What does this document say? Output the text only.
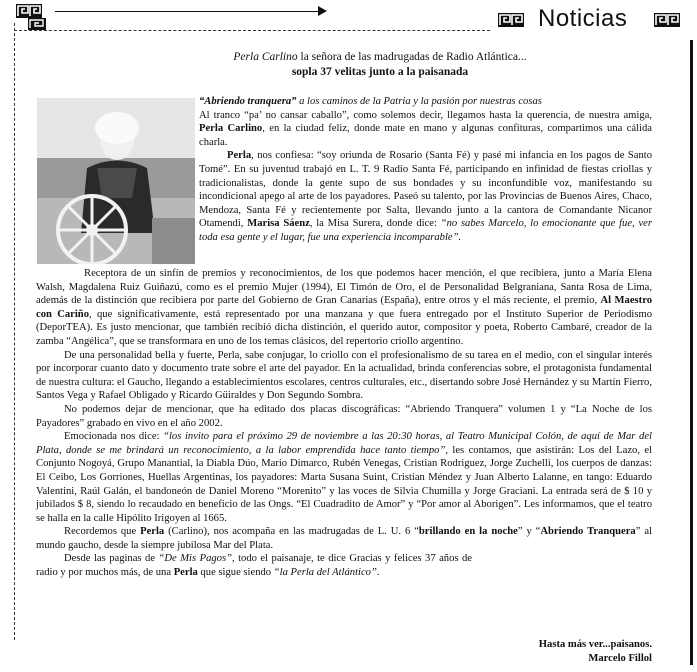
Noticias
Perla Carlino la señora de las madrugadas de Radio Atlántica...
sopla 37 velitas junto a la paisanada

“Abriendo tranquera” a los caminos de la Patria y la pasión por nuestras cosas

Al tranco “pa’ no cansar caballo”, como solemos decir, llegamos hasta la querencia, de nuestra amiga, Perla Carlino, en la ciudad feliz, donde mate en mano y algunas confituras, compartimos una cálida charla.

Perla, nos confiesa: “soy oriunda de Rosario (Santa Fé) y pasé mi infancia en los pagos de Santo Tomé”. En su juventud trabajó en L. T. 9 Radio Santa Fé, participando en infinidad de fiestas criollas y tradicionalistas, donde la gente supo de sus bondades y su inconfundible voz, manifestando su incondicional apego al arte de los payadores. Paseó su talento, por las Provincias de Buenos Aires, Chaco, Mendoza, Santa Fé y recientemente por Salta, llevando junto a la cantora de Comandante Nicanor Otamendi, Marisa Sáenz, la Misa Surera, donde dice: “no sabes Marcelo, lo emocionante que fue, ver toda esa gente y el lugar, fue una experiencia incomparable”.

Receptora de un sinfín de premios y reconocimientos, de los que podemos hacer mención, el que recibiera, junto a María Elena Walsh, Magdalena Ruiz Guiñazú, como es el premio Mujer (1994), El Timón de Oro, el de Personalidad Belgraniana, Santa Rosa de Lima, además de la distinción que recibiera por parte del Gobierno de Gran Canarias (España), entre otros y el más reciente, el premio, Al Maestro con Cariño, que significativamente, está representado por una manzana y que fuera entregado por el Instituto Superior de Periodismo (DeporTEA). Es justo mencionar, que también recibió dicha distinción, el querido autor, compositor y poeta, Roberto Cambaré, creador de la zamba “Angélica”, que se transformara en uno de los temas clásicos, del repertorio criollo argentino.

De una personalidad bella y fuerte, Perla, sabe conjugar, lo criollo con el profesionalismo de su tarea en el medio, con el singular interés por incorporar cuanto dato y documento trate sobre el arte del payador. En la actualidad, brinda conferencias sobre, el protagonista fundamental de nuestra cultura: el Gaucho, llegando a establecimientos escolares, centros culturales, etc., disertando sobre José Hernández y su Martín Fierro, Santos Vega y Rafael Obligado y Ricardo Güiraldes y Don Segundo Sombra.

No podemos dejar de mencionar, que ha editado dos placas discográficas: “Abriendo Tranquera” volumen 1 y “La Noche de los Payadores” grabado en vivo en el año 2002.

Emocionada nos dice: “los invito para el próximo 29 de noviembre a las 20:30 horas, al Teatro Municipal Colón, de aquí de Mar del Plata, donde se me brindará un reconocimiento, a la labor emprendida hace tanto tiempo”, les contamos, que asistirán: Los del Lazo, el Conjunto Nogoyá, Grupo Manantial, la Diabla Dúo, Mario Dimarco, Rubén Venegas, Cristian Rodriguez, Jorge Zuchelli, los cuerpos de danzas: El Ceibo, Los Gorriones, Huellas Argentinas, los payadores: Marta Susana Suint, Cristian Méndez y Juan Alberto Lalanne, en tango: Eduardo Valentini, Raúl Galán, el bandoneón de Daniel Moreno “Morenito” y las voces de Silvia Chumilla y Jorge Graciani. La entrada será de $ 10 y jubilados $ 8, siendo lo recaudado en beneficio de las Ongs. “El Cuadradito de Amor” y “Por amor al Aborigen”. Les informamos, que el teatro se halla en la calle Hipólito Irigoyen al 1665.

Recordemos que Perla (Carlino), nos acompaña en las madrugadas de L. U. 6 “brillando en la noche” y “Abriendo Tranquera” al mundo gaucho, desde la siempre jubilosa Mar del Plata.

Desde las paginas de “De Mis Pagos”, todo el paisanaje, te dice Gracias y felices 37 años de radio y por muchos más, de una Perla que sigue siendo “la Perla del Atlántico”.

Hasta más ver...paisanos.
Marcelo Fillol
